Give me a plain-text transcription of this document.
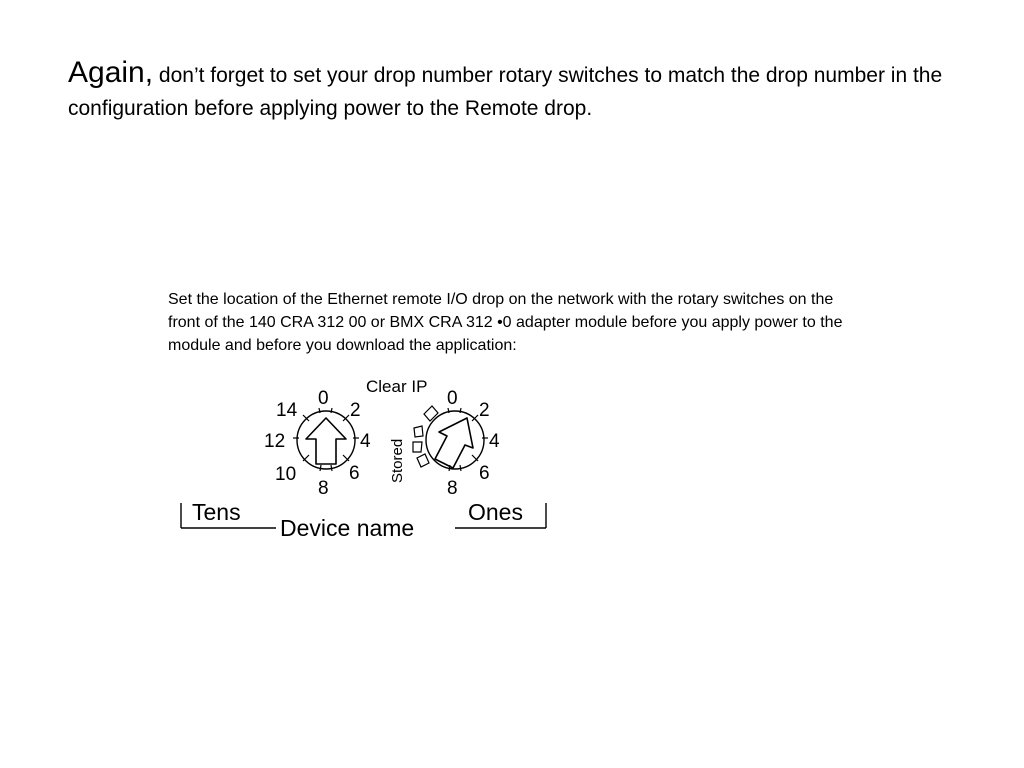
Again, don’t forget to set your drop number rotary switches to match the drop number in the configuration before applying power to the Remote drop.

Set the location of the Ethernet remote I/O drop on the network with the rotary switches on the front of the 140 CRA 312 00 or BMX CRA 312 •0 adapter module before you apply power to the module and before you download the application:

14
0
2
12	4
10
8
6 Stored
Clear IP
0
2
4
6
8
Tens	Ones
Device name
